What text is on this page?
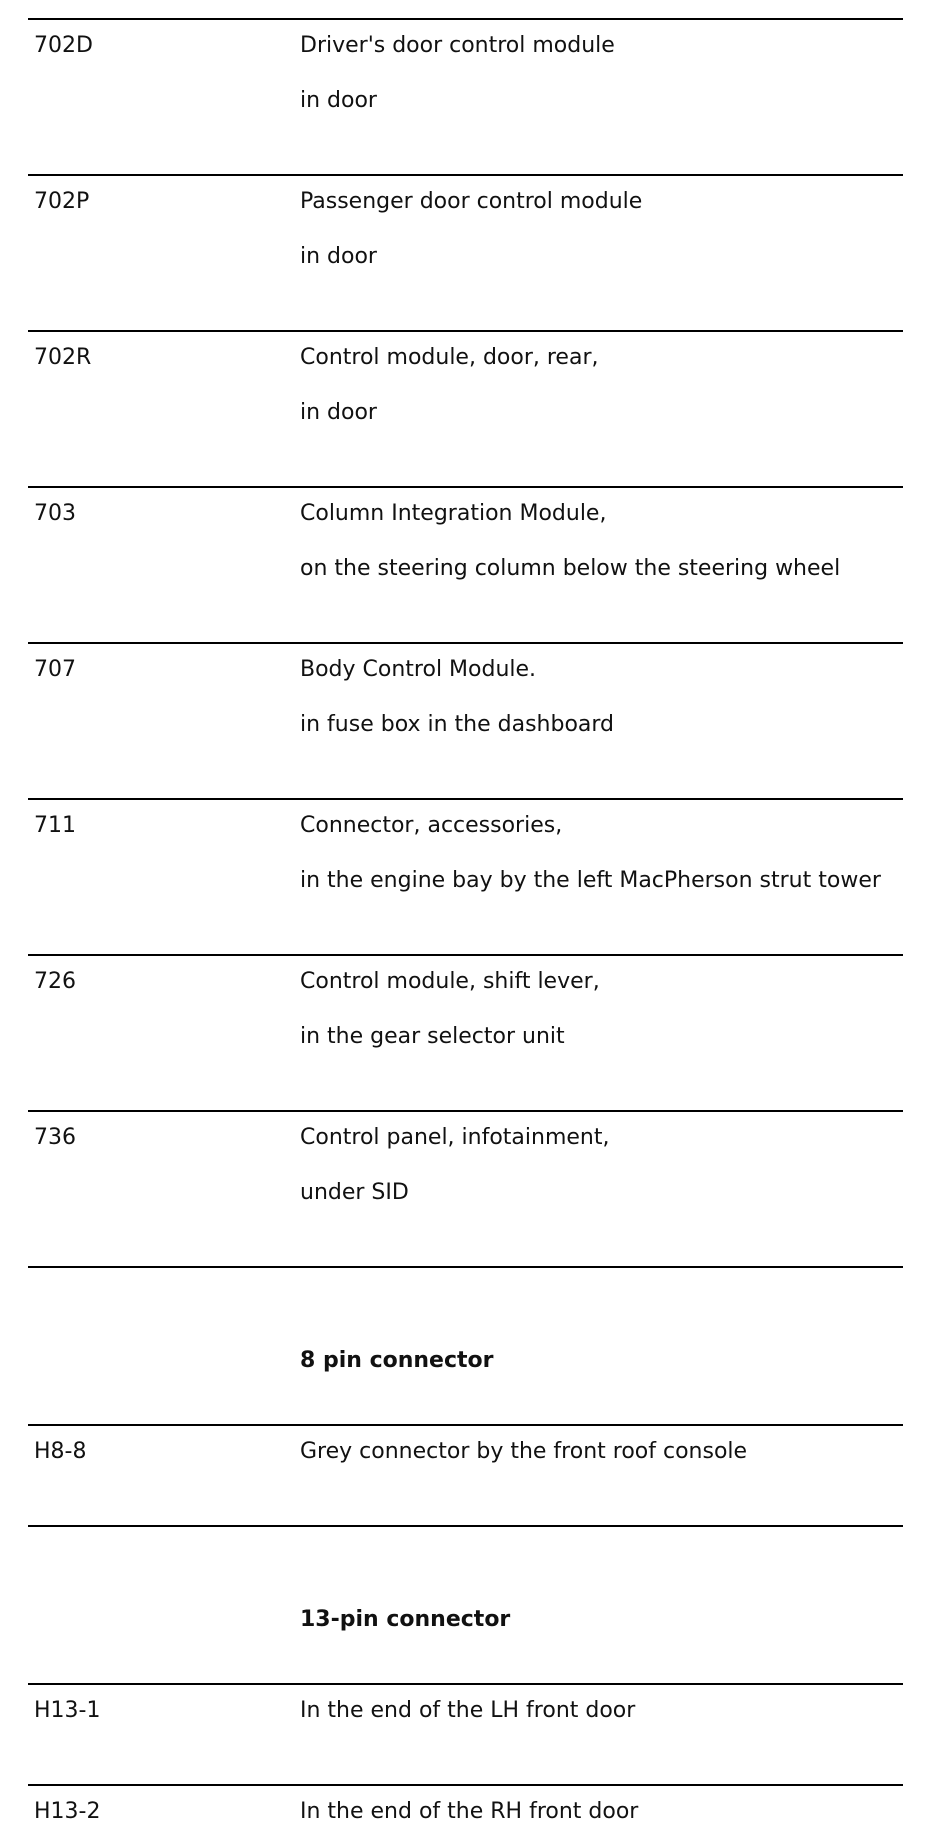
702D	Driver's door control module
in door
702P	Passenger door control module
in door
702R	Control module, door, rear,
in door
703	Column Integration Module,
on the steering column below the steering wheel
707	Body Control Module.
in fuse box in the dashboard
711	Connector, accessories,
in the engine bay by the left MacPherson strut tower
726	Control module, shift lever,
in the gear selector unit
736	Control panel, infotainment,
under SID
8 pin connector
H8-8	Grey connector by the front roof console
13-pin connector
H13-1	In the end of the LH front door
H13-2	In the end of the RH front door
